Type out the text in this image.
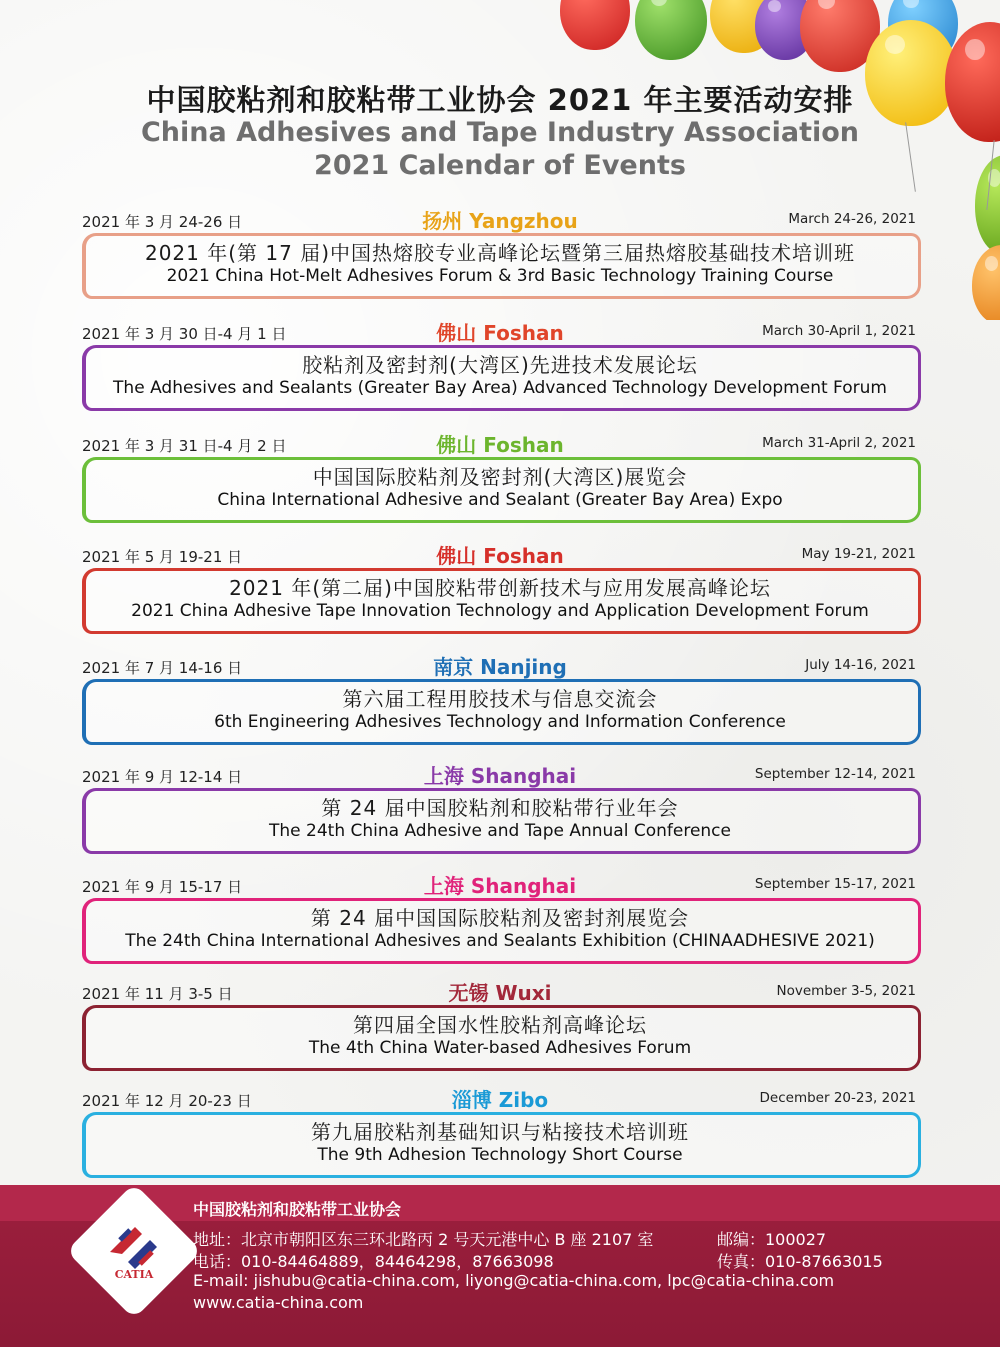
中国胶粘剂和胶粘带工业协会 2021 年主要活动安排
China Adhesives and Tape Industry Association
2021 Calendar of Events
2021 年 3 月 24-26 日	扬州 Yangzhou	March 24-26, 2021
2021 年(第 17 届)中国热熔胶专业高峰论坛暨第三届热熔胶基础技术培训班
2021 China Hot-Melt Adhesives Forum & 3rd Basic Technology Training Course
2021 年 3 月 30 日-4 月 1 日	佛山 Foshan	March 30-April 1, 2021
胶粘剂及密封剂(大湾区)先进技术发展论坛
The Adhesives and Sealants (Greater Bay Area) Advanced Technology Development Forum
2021 年 3 月 31 日-4 月 2 日	佛山 Foshan	March 31-April 2, 2021
中国国际胶粘剂及密封剂(大湾区)展览会
China International Adhesive and Sealant (Greater Bay Area) Expo
2021 年 5 月 19-21 日	佛山 Foshan	May 19-21, 2021
2021 年(第二届)中国胶粘带创新技术与应用发展高峰论坛
2021 China Adhesive Tape Innovation Technology and Application Development Forum
2021 年 7 月 14-16 日	南京 Nanjing	July 14-16, 2021
第六届工程用胶技术与信息交流会
6th Engineering Adhesives Technology and Information Conference
2021 年 9 月 12-14 日	上海 Shanghai	September 12-14, 2021
第 24 届中国胶粘剂和胶粘带行业年会
The 24th China Adhesive and Tape Annual Conference
2021 年 9 月 15-17 日	上海 Shanghai	September 15-17, 2021
第 24 届中国国际胶粘剂及密封剂展览会
The 24th China International Adhesives and Sealants Exhibition (CHINAADHESIVE 2021)
2021 年 11 月 3-5 日	无锡 Wuxi	November 3-5, 2021
第四届全国水性胶粘剂高峰论坛
The 4th China Water-based Adhesives Forum
2021 年 12 月 20-23 日	淄博 Zibo	December 20-23, 2021
第九届胶粘剂基础知识与粘接技术培训班
The 9th Adhesion Technology Short Course
CATIA
中国胶粘剂和胶粘带工业协会
地址：北京市朝阳区东三环北路丙 2 号天元港中心 B 座 2107 室	邮编：100027
电话：010-84464889，84464298，87663098	传真：010-87663015
E-mail: jishubu@catia-china.com, liyong@catia-china.com, lpc@catia-china.com
www.catia-china.com
